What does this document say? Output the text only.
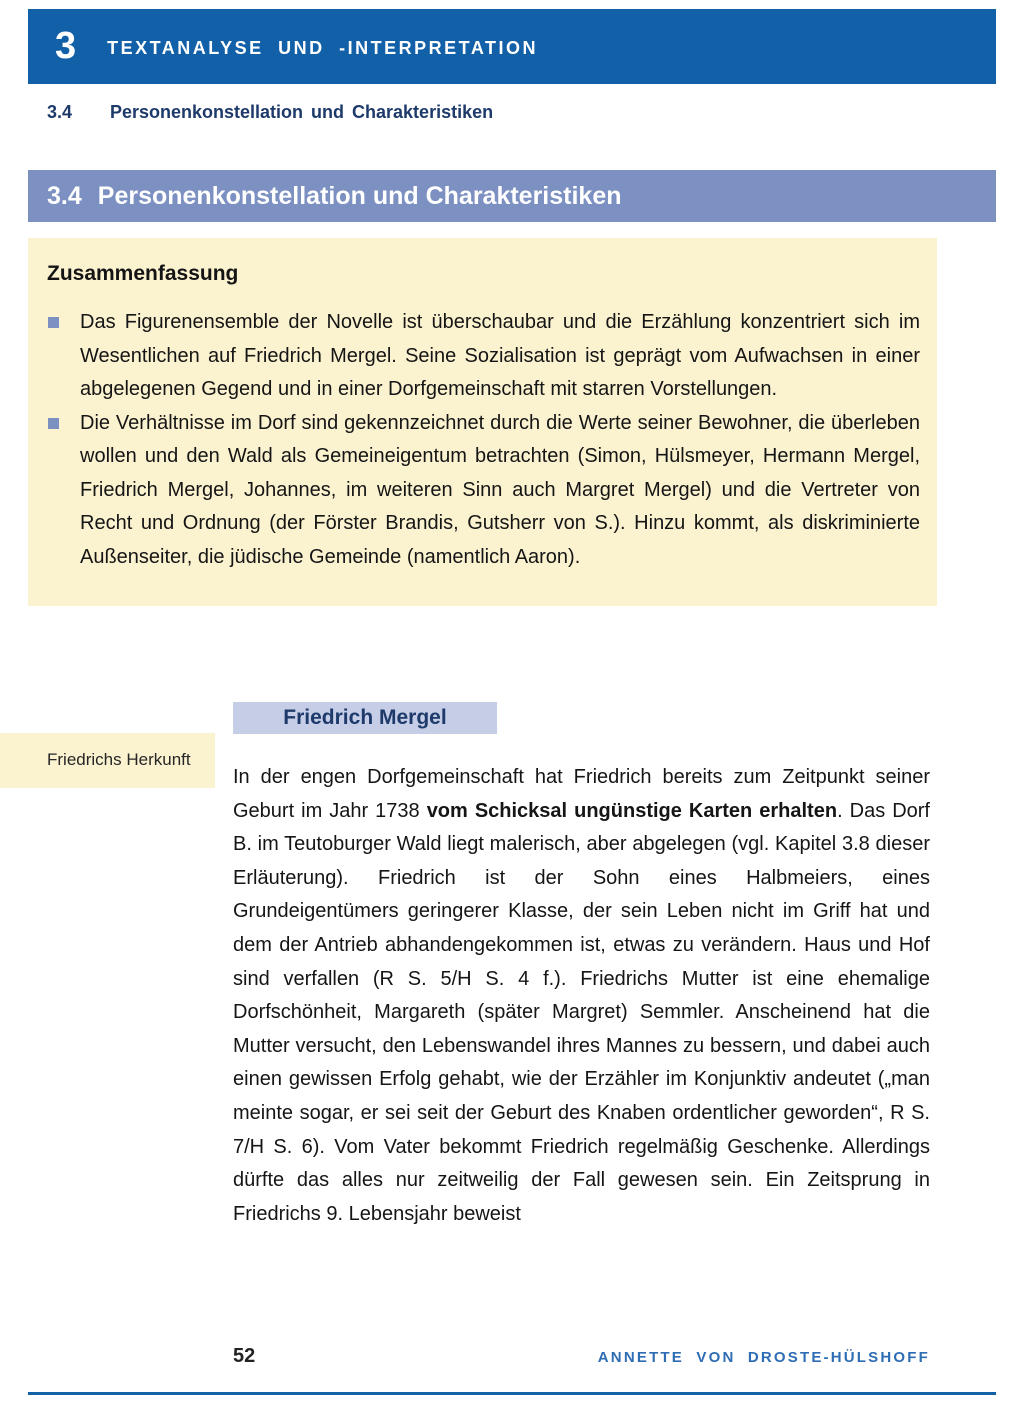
3 TEXTANALYSE UND -INTERPRETATION
3.4	Personenkonstellation und Charakteristiken
3.4 Personenkonstellation und Charakteristiken
Zusammenfassung
Das Figurenensemble der Novelle ist überschaubar und die Erzählung konzentriert sich im Wesentlichen auf Friedrich Mergel. Seine Sozialisation ist geprägt vom Aufwachsen in einer abgelegenen Gegend und in einer Dorfgemeinschaft mit starren Vorstellungen.
Die Verhältnisse im Dorf sind gekennzeichnet durch die Werte seiner Bewohner, die überleben wollen und den Wald als Gemeineigentum betrachten (Simon, Hülsmeyer, Hermann Mergel, Friedrich Mergel, Johannes, im weiteren Sinn auch Margret Mergel) und die Vertreter von Recht und Ordnung (der Förster Brandis, Gutsherr von S.). Hinzu kommt, als diskriminierte Außenseiter, die jüdische Gemeinde (namentlich Aaron).
Friedrich Mergel
Friedrichs Herkunft

In der engen Dorfgemeinschaft hat Friedrich bereits zum Zeitpunkt seiner Geburt im Jahr 1738 vom Schicksal ungünstige Karten erhalten. Das Dorf B. im Teutoburger Wald liegt malerisch, aber abgelegen (vgl. Kapitel 3.8 dieser Erläuterung). Friedrich ist der Sohn eines Halbmeiers, eines Grundeigentümers geringerer Klasse, der sein Leben nicht im Griff hat und dem der Antrieb abhandengekommen ist, etwas zu verändern. Haus und Hof sind verfallen (R S. 5/H S. 4 f.). Friedrichs Mutter ist eine ehemalige Dorfschönheit, Margareth (später Margret) Semmler. Anscheinend hat die Mutter versucht, den Lebenswandel ihres Mannes zu bessern, und dabei auch einen gewissen Erfolg gehabt, wie der Erzähler im Konjunktiv andeutet („man meinte sogar, er sei seit der Geburt des Knaben ordentlicher geworden“, R S. 7/H S. 6). Vom Vater bekommt Friedrich regelmäßig Geschenke. Allerdings dürfte das alles nur zeitweilig der Fall gewesen sein. Ein Zeitsprung in Friedrichs 9. Lebensjahr beweist

52	ANNETTE VON DROSTE-HÜLSHOFF
